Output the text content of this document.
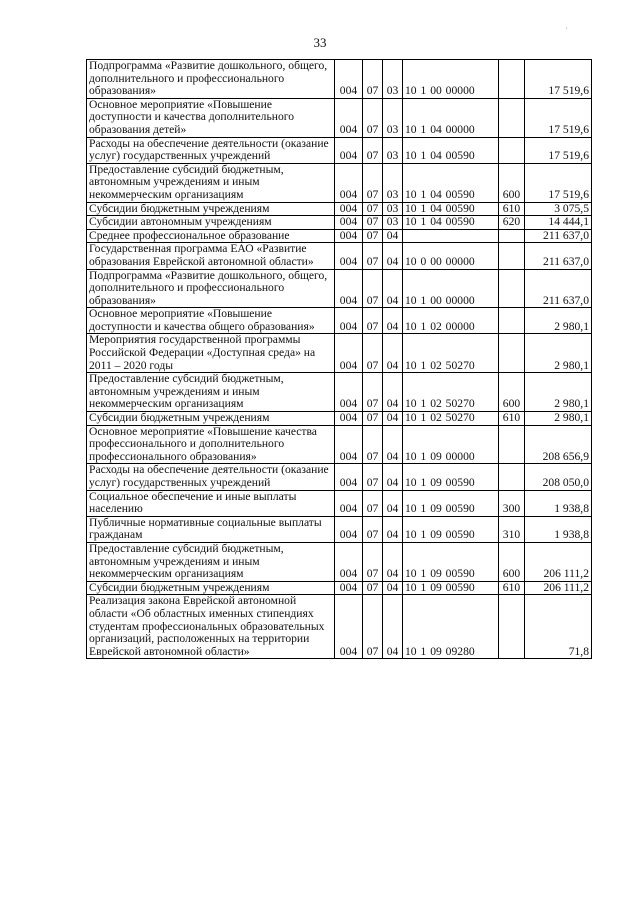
33
'
Подпрограмма «Развитие дошкольного, общего, дополнительного и профессионального образования»	004	07	03	10 1 00 00000		17 519,6
Основное мероприятие «Повышение доступности и качества дополнительного образования детей»	004	07	03	10 1 04 00000		17 519,6
Расходы на обеспечение деятельности (оказание услуг) государственных учреждений	004	07	03	10 1 04 00590		17 519,6
Предоставление субсидий бюджетным, автономным учреждениям и иным некоммерческим организациям	004	07	03	10 1 04 00590	600	17 519,6
Субсидии бюджетным учреждениям	004	07	03	10 1 04 00590	610	3 075,5
Субсидии автономным учреждениям	004	07	03	10 1 04 00590	620	14 444,1
Среднее профессиональное образование	004	07	04			211 637,0
Государственная программа ЕАО «Развитие образования Еврейской автономной области»	004	07	04	10 0 00 00000		211 637,0
Подпрограмма «Развитие дошкольного, общего, дополнительного и профессионального образования»	004	07	04	10 1 00 00000		211 637,0
Основное мероприятие «Повышение доступности и качества общего образования»	004	07	04	10 1 02 00000		2 980,1
Мероприятия государственной программы Российской Федерации «Доступная среда» на 2011 – 2020 годы	004	07	04	10 1 02 50270		2 980,1
Предоставление субсидий бюджетным, автономным учреждениям и иным некоммерческим организациям	004	07	04	10 1 02 50270	600	2 980,1
Субсидии бюджетным учреждениям	004	07	04	10 1 02 50270	610	2 980,1
Основное мероприятие «Повышение качества профессионального и дополнительного профессионального образования»	004	07	04	10 1 09 00000		208 656,9
Расходы на обеспечение деятельности (оказание услуг) государственных учреждений	004	07	04	10 1 09 00590		208 050,0
Социальное обеспечение и иные выплаты населению	004	07	04	10 1 09 00590	300	1 938,8
Публичные нормативные социальные выплаты гражданам	004	07	04	10 1 09 00590	310	1 938,8
Предоставление субсидий бюджетным, автономным учреждениям и иным некоммерческим организациям	004	07	04	10 1 09 00590	600	206 111,2
Субсидии бюджетным учреждениям	004	07	04	10 1 09 00590	610	206 111,2
Реализация закона Еврейской автономной области «Об областных именных стипендиях студентам профессиональных образовательных организаций, расположенных на территории Еврейской автономной области»	004	07	04	10 1 09 09280		71,8
